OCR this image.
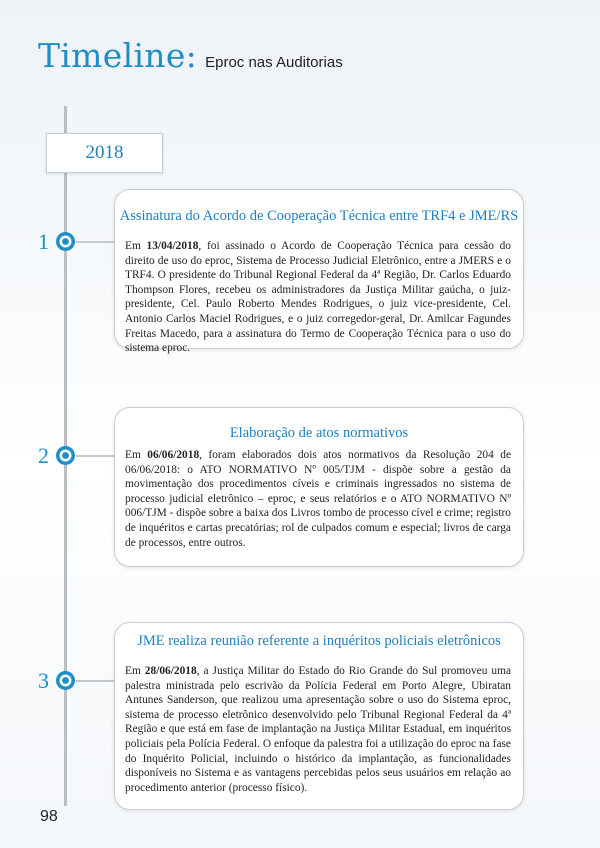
Timeline: Eproc nas Auditorias
2018
1
Assinatura do Acordo de Cooperação Técnica entre TRF4 e JME/RS

Em 13/04/2018, foi assinado o Acordo de Cooperação Técnica para cessão do direito de uso do eproc, Sistema de Processo Judicial Eletrônico, entre a JMERS e o TRF4. O presidente do Tribunal Regional Federal da 4ª Região, Dr. Carlos Eduardo Thompson Flores, recebeu os administradores da Justiça Militar gaúcha, o juiz-presidente, Cel. Paulo Roberto Mendes Rodrigues, o juiz vice-presidente, Cel. Antonio Carlos Maciel Rodrigues, e o juiz corregedor-geral, Dr. Amilcar Fagundes Freitas Macedo, para a assinatura do Termo de Cooperação Técnica para o uso do sistema eproc.

2
Elaboração de atos normativos

Em 06/06/2018, foram elaborados dois atos normativos da Resolução 204 de 06/06/2018: o ATO NORMATIVO Nº 005/TJM - dispõe sobre a gestão da movimentação dos procedimentos cíveis e criminais ingressados no sistema de processo judicial eletrônico – eproc, e seus relatórios e o ATO NORMATIVO Nº 006/TJM - dispõe sobre a baixa dos Livros tombo de processo cível e crime; registro de inquéritos e cartas precatórias; rol de culpados comum e especial; livros de carga de processos, entre outros.

3
JME realiza reunião referente a inquéritos policiais eletrônicos

Em 28/06/2018, a Justiça Militar do Estado do Rio Grande do Sul promoveu uma palestra ministrada pelo escrivão da Polícia Federal em Porto Alegre, Ubiratan Antunes Sanderson, que realizou uma apresentação sobre o uso do Sistema eproc, sistema de processo eletrônico desenvolvido pelo Tribunal Regional Federal da 4ª Região e que está em fase de implantação na Justiça Militar Estadual, em inquéritos policiais pela Polícia Federal. O enfoque da palestra foi a utilização do eproc na fase do Inquérito Policial, incluindo o histórico da implantação, as funcionalidades disponíveis no Sistema e as vantagens percebidas pelos seus usuários em relação ao procedimento anterior (processo físico).

98
